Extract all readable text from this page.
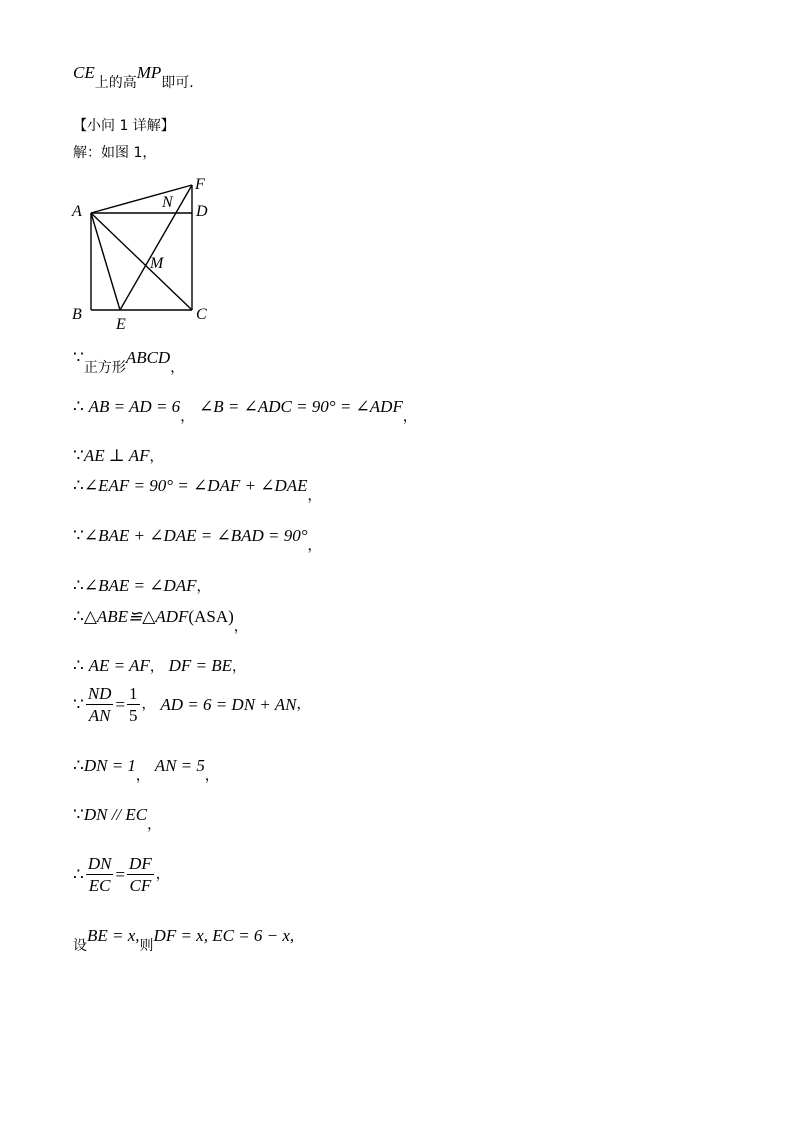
CE上的高MP即可.
【小问 1 详解】
解：如图 1，
A
B	C
D
E
F
M
N
∵正方形ABCD，
∴ AB = AD = 6， ∠B = ∠ADC = 90° = ∠ADF，
∵AE ⊥ AF，
∴∠EAF = 90° = ∠DAF + ∠DAE，
∵∠BAE + ∠DAE = ∠BAD = 90°，
∴∠BAE = ∠DAF，
∴△ABE≌△ADF(ASA)，
∴ AE = AF， DF = BE，
∵ $\frac{ND}{AN} = \frac{1}{5}$ ， AD = 6 = DN + AN，
∴DN = 1， AN = 5，
∵DN // EC，
∴ $\frac{DN}{EC} = \frac{DF}{CF}$ ，
设BE = x,则DF = x, EC = 6 − x,
